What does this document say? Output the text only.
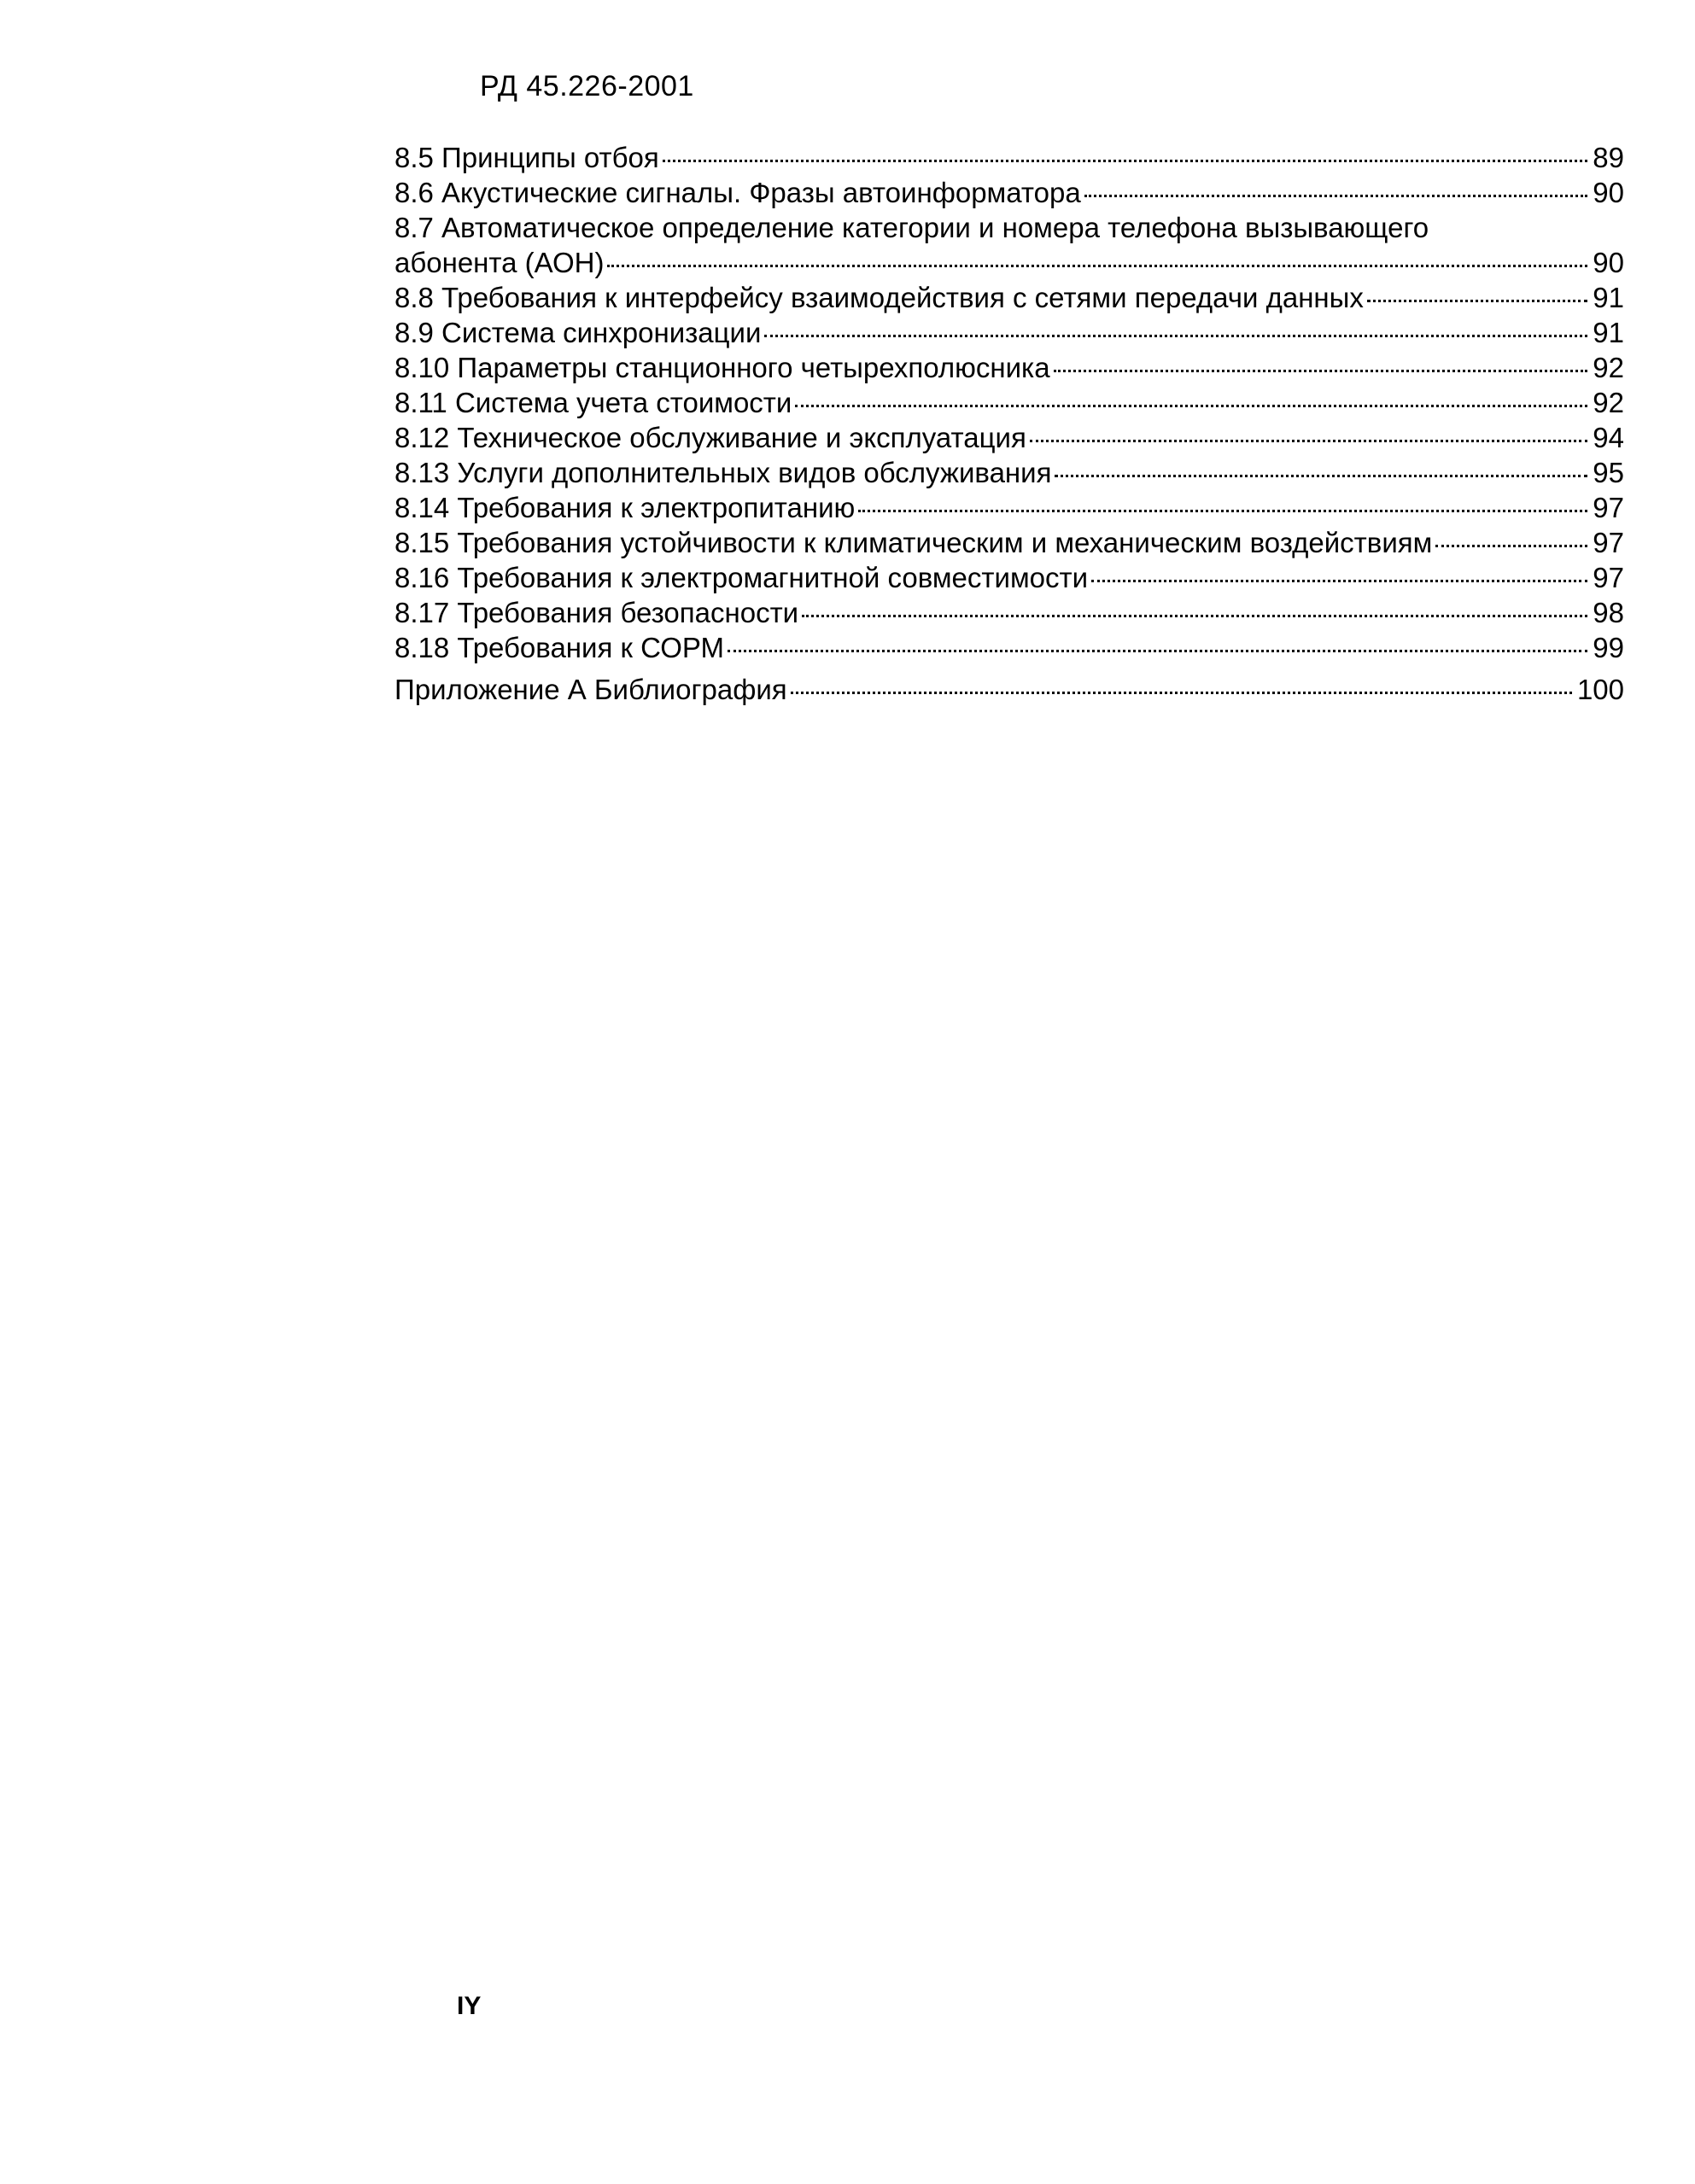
РД 45.226-2001
8.5 Принципы отбоя	89
8.6 Акустические сигналы. Фразы автоинформатора	90
8.7 Автоматическое определение категории и номера телефона вызывающего
абонента (АОН)	90
8.8 Требования к интерфейсу взаимодействия с сетями передачи данных	91
8.9 Система синхронизации	91
8.10 Параметры станционного четырехполюсника	92
8.11 Система учета стоимости	92
8.12 Техническое обслуживание и эксплуатация	94
8.13 Услуги дополнительных видов обслуживания	95
8.14 Требования к электропитанию	97
8.15 Требования устойчивости к климатическим и механическим воздействиям	97
8.16 Требования к электромагнитной совместимости	97
8.17 Требования безопасности	98
8.18 Требования к СОРМ	99
Приложение А Библиография	100
IY
